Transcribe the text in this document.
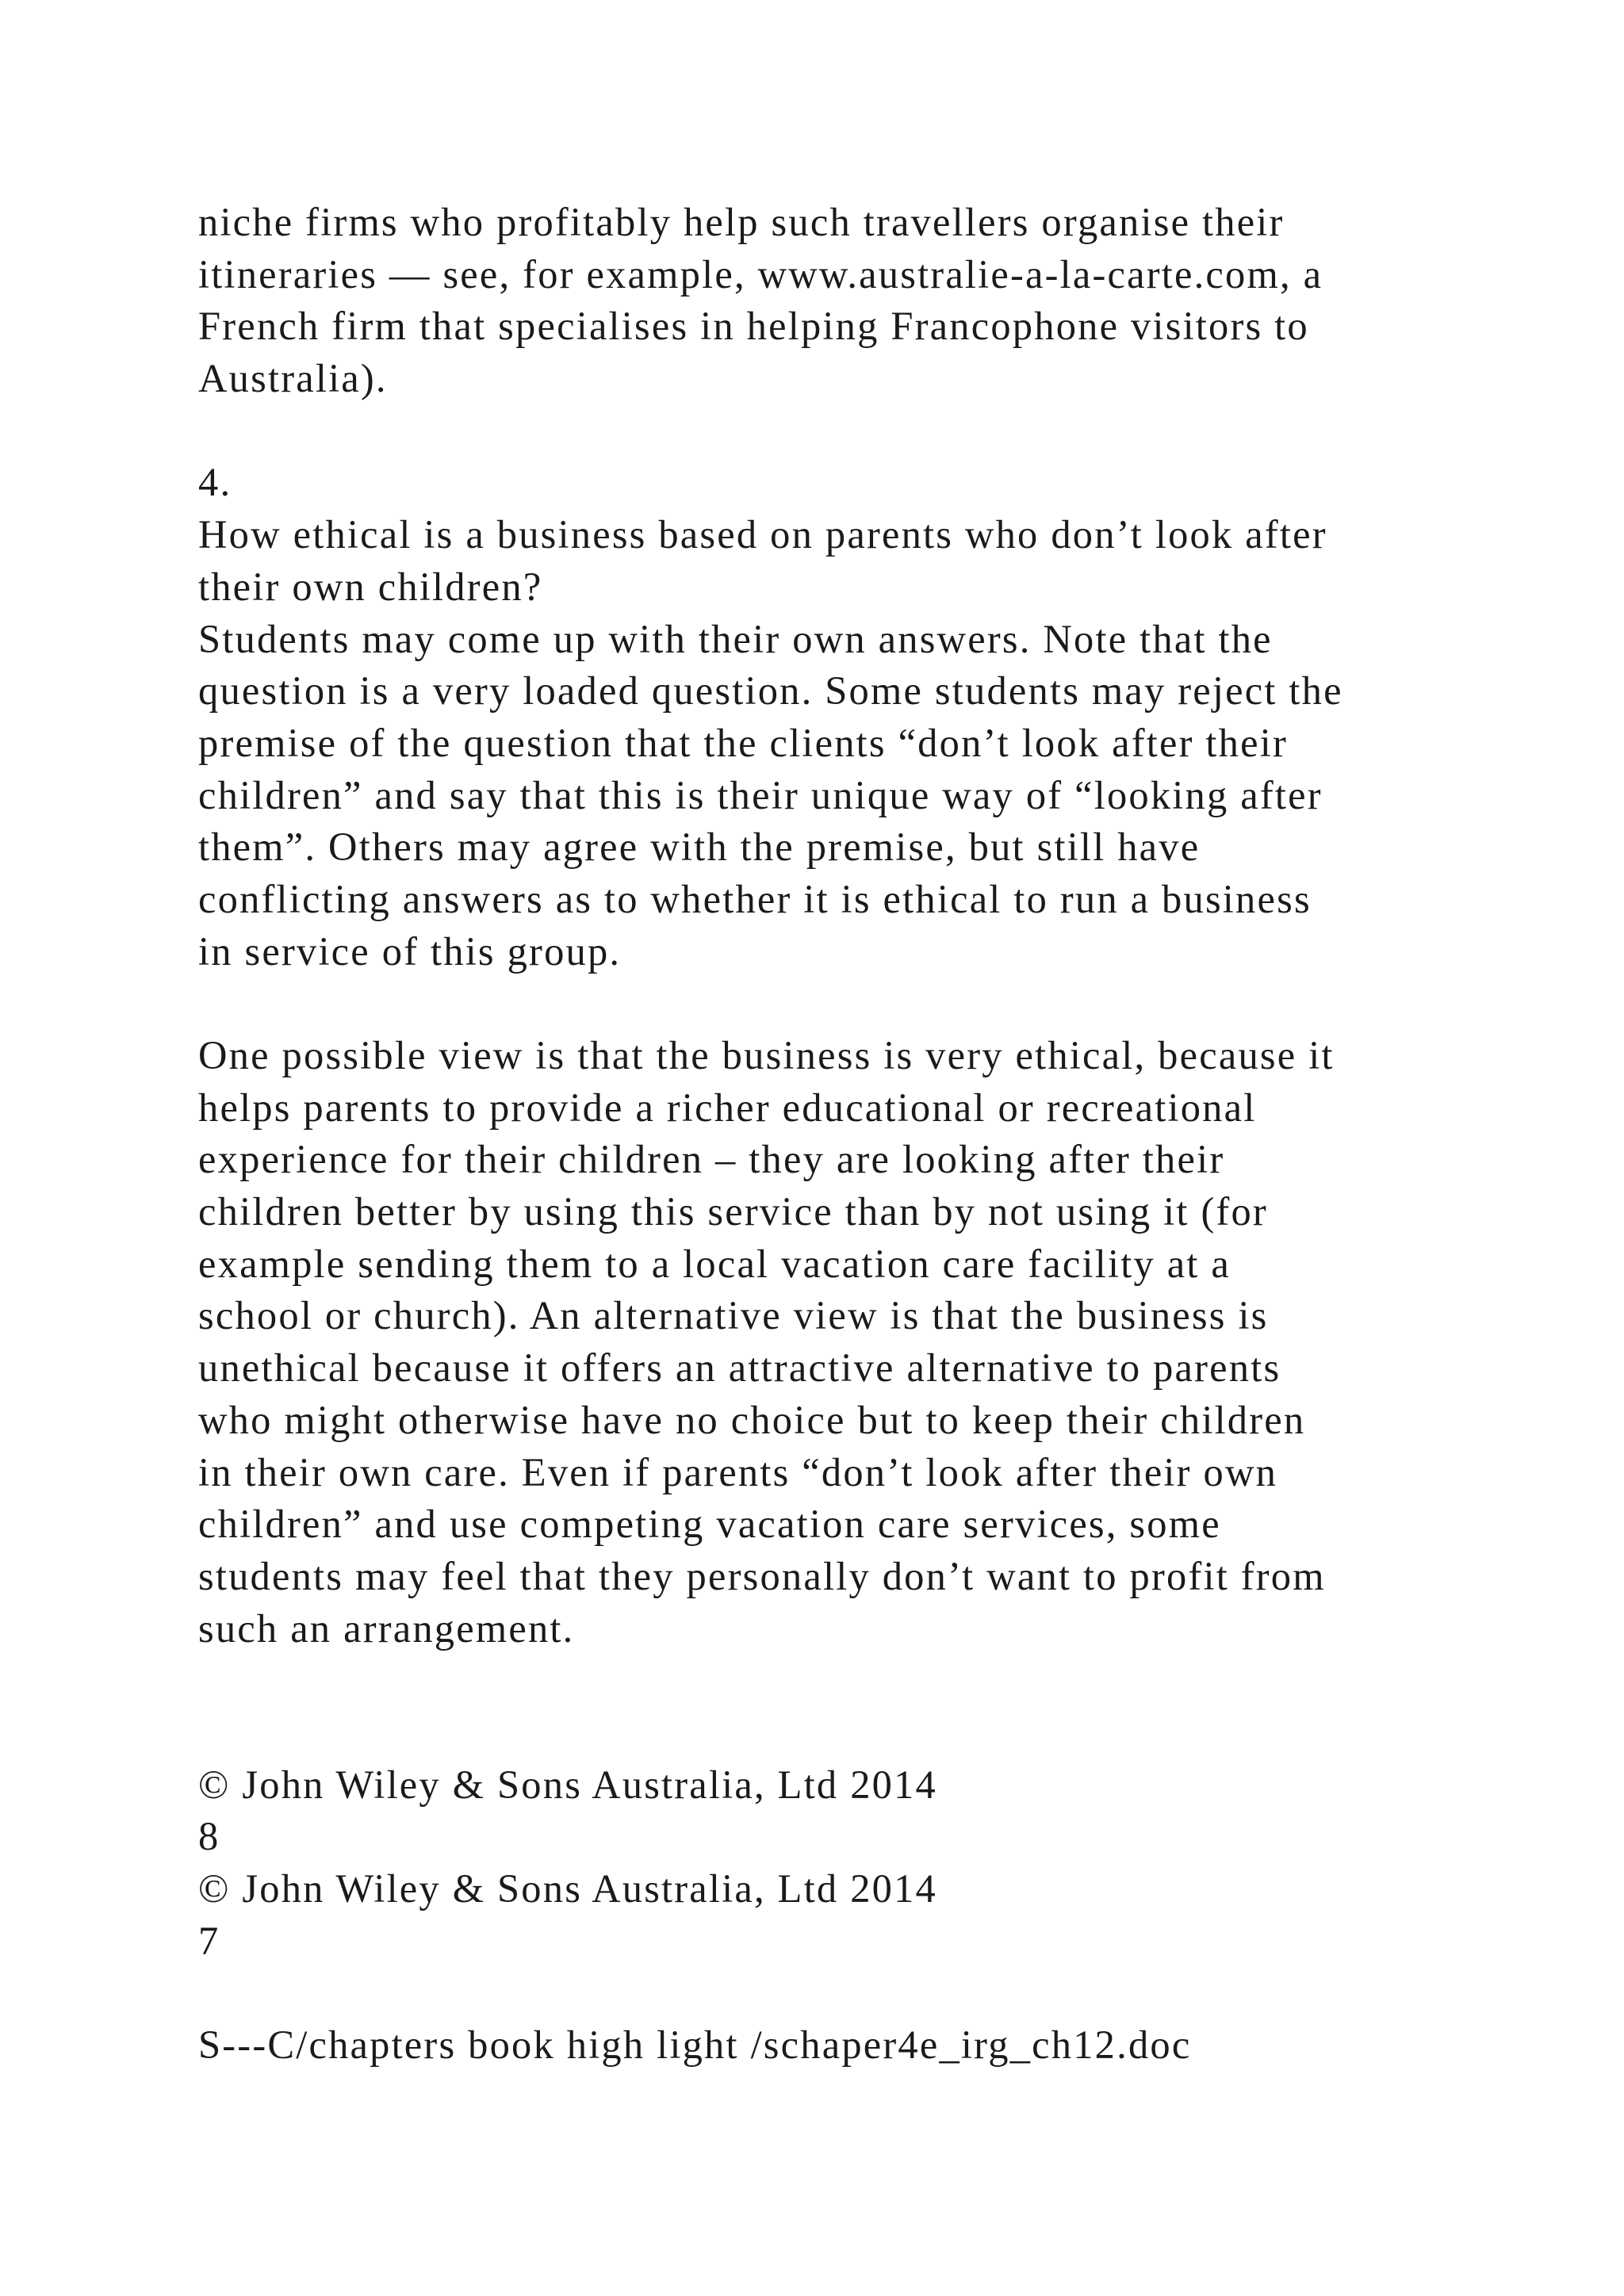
niche firms who profitably help such travellers organise their
itineraries — see, for example, www.australie-a-la-carte.com, a
French firm that specialises in helping Francophone visitors to
Australia).
4.
How ethical is a business based on parents who don’t look after
their own children?
Students may come up with their own answers. Note that the
question is a very loaded question. Some students may reject the
premise of the question that the clients “don’t look after their
children” and say that this is their unique way of “looking after
them”. Others may agree with the premise, but still have
conflicting answers as to whether it is ethical to run a business
in service of this group.
One possible view is that the business is very ethical, because it
helps parents to provide a richer educational or recreational
experience for their children – they are looking after their
children better by using this service than by not using it (for
example sending them to a local vacation care facility at a
school or church). An alternative view is that the business is
unethical because it offers an attractive alternative to parents
who might otherwise have no choice but to keep their children
in their own care. Even if parents “don’t look after their own
children” and use competing vacation care services, some
students may feel that they personally don’t want to profit from
such an arrangement.
© John Wiley & Sons Australia, Ltd 2014
8
© John Wiley & Sons Australia, Ltd 2014
7
S---C/chapters book high light /schaper4e_irg_ch12.doc
